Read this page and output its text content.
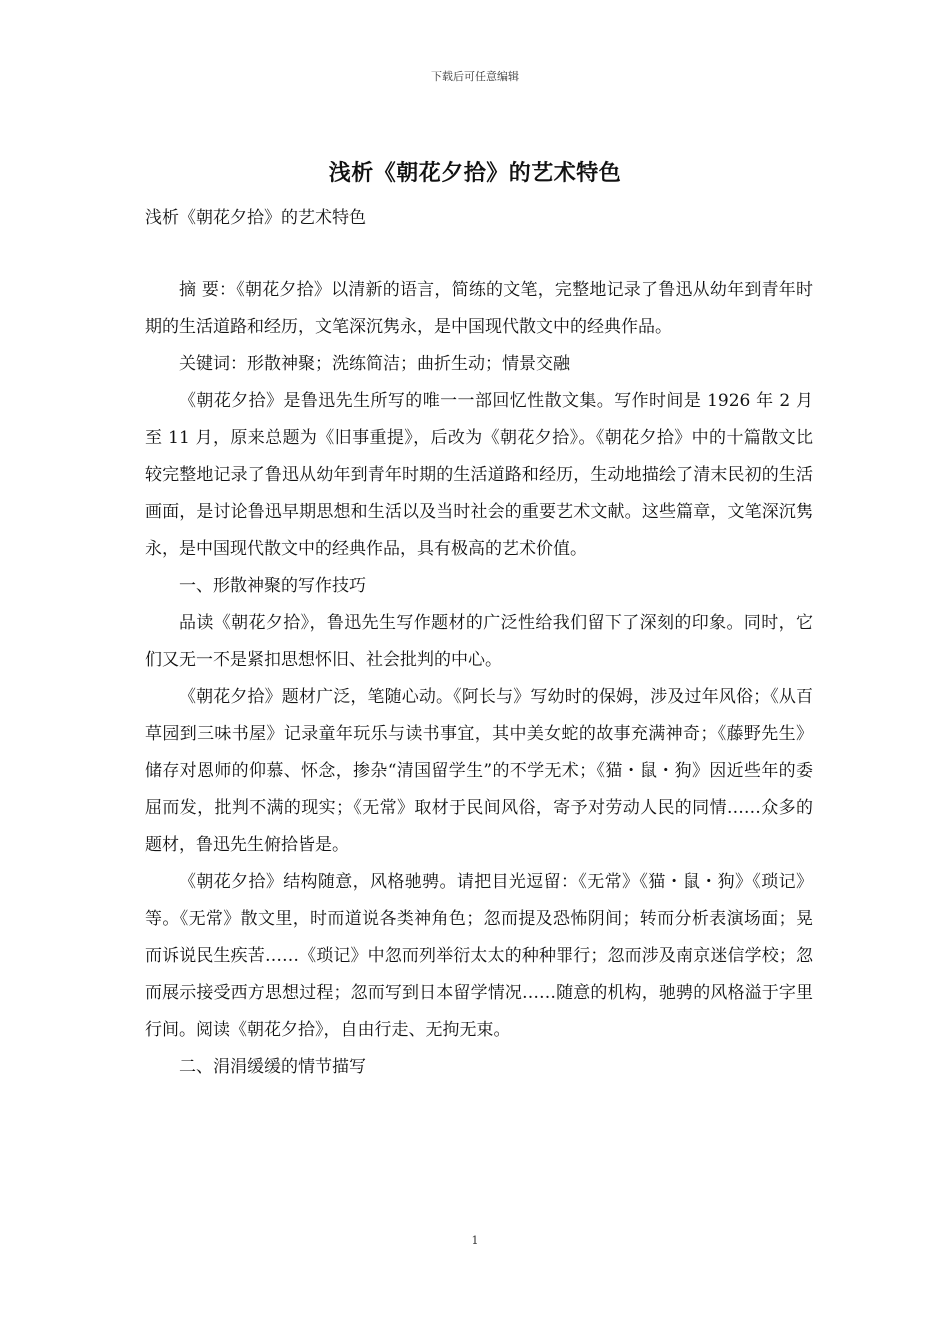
下载后可任意编辑
浅析《朝花夕拾》的艺术特色
浅析《朝花夕拾》的艺术特色

摘 要：《朝花夕拾》以清新的语言，简练的文笔，完整地记录了鲁迅从幼年到青年时期的生活道路和经历，文笔深沉隽永，是中国现代散文中的经典作品。

关键词：形散神聚；洗练简洁；曲折生动；情景交融

《朝花夕拾》是鲁迅先生所写的唯一一部回忆性散文集。写作时间是 1926 年 2 月至 11 月，原来总题为《旧事重提》，后改为《朝花夕拾》。《朝花夕拾》中的十篇散文比较完整地记录了鲁迅从幼年到青年时期的生活道路和经历，生动地描绘了清末民初的生活画面，是讨论鲁迅早期思想和生活以及当时社会的重要艺术文献。这些篇章，文笔深沉隽永，是中国现代散文中的经典作品，具有极高的艺术价值。

一、形散神聚的写作技巧

品读《朝花夕拾》，鲁迅先生写作题材的广泛性给我们留下了深刻的印象。同时，它们又无一不是紧扣思想怀旧、社会批判的中心。

《朝花夕拾》题材广泛，笔随心动。《阿长与》写幼时的保姆，涉及过年风俗；《从百草园到三味书屋》记录童年玩乐与读书事宜，其中美女蛇的故事充满神奇；《藤野先生》储存对恩师的仰慕、怀念，掺杂“清国留学生”的不学无术；《猫・鼠・狗》因近些年的委屈而发，批判不满的现实；《无常》取材于民间风俗，寄予对劳动人民的同情……众多的题材，鲁迅先生俯拾皆是。

《朝花夕拾》结构随意，风格驰骋。请把目光逗留：《无常》《猫・鼠・狗》《琐记》等。《无常》散文里，时而道说各类神角色；忽而提及恐怖阴间；转而分析表演场面；晃而诉说民生疾苦……《琐记》中忽而列举衍太太的种种罪行；忽而涉及南京迷信学校；忽而展示接受西方思想过程；忽而写到日本留学情况……随意的机构，驰骋的风格溢于字里行间。阅读《朝花夕拾》，自由行走、无拘无束。

二、涓涓缓缓的情节描写

1
